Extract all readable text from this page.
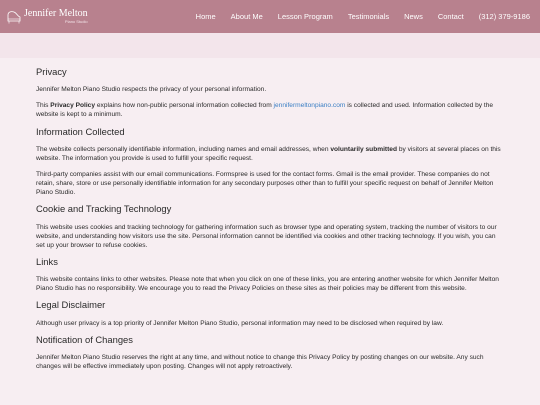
Jennifer Melton
Piano Studio
Home About Me Lesson Program Testimonials News Contact (312) 379-9186
Privacy

Jennifer Melton Piano Studio respects the privacy of your personal information.

This Privacy Policy explains how non-public personal information collected from jennifermeltonpiano.com is collected and used. Information collected by the website is kept to a minimum.

Information Collected

The website collects personally identifiable information, including names and email addresses, when voluntarily submitted by visitors at several places on this website. The information you provide is used to fulfill your specific request.

Third-party companies assist with our email communications. Formspree is used for the contact forms. Gmail is the email provider. These companies do not retain, share, store or use personally identifiable information for any secondary purposes other than to fulfill your specific request on behalf of Jennifer Melton Piano Studio.

Cookie and Tracking Technology

This website uses cookies and tracking technology for gathering information such as browser type and operating system, tracking the number of visitors to our website, and understanding how visitors use the site. Personal information cannot be identified via cookies and other tracking technology. If you wish, you can set up your browser to refuse cookies.

Links

This website contains links to other websites. Please note that when you click on one of these links, you are entering another website for which Jennifer Melton Piano Studio has no responsibility. We encourage you to read the Privacy Policies on these sites as their policies may be different from this website.

Legal Disclaimer

Although user privacy is a top priority of Jennifer Melton Piano Studio, personal information may need to be disclosed when required by law.

Notification of Changes

Jennifer Melton Piano Studio reserves the right at any time, and without notice to change this Privacy Policy by posting changes on our website. Any such changes will be effective immediately upon posting. Changes will not apply retroactively.
